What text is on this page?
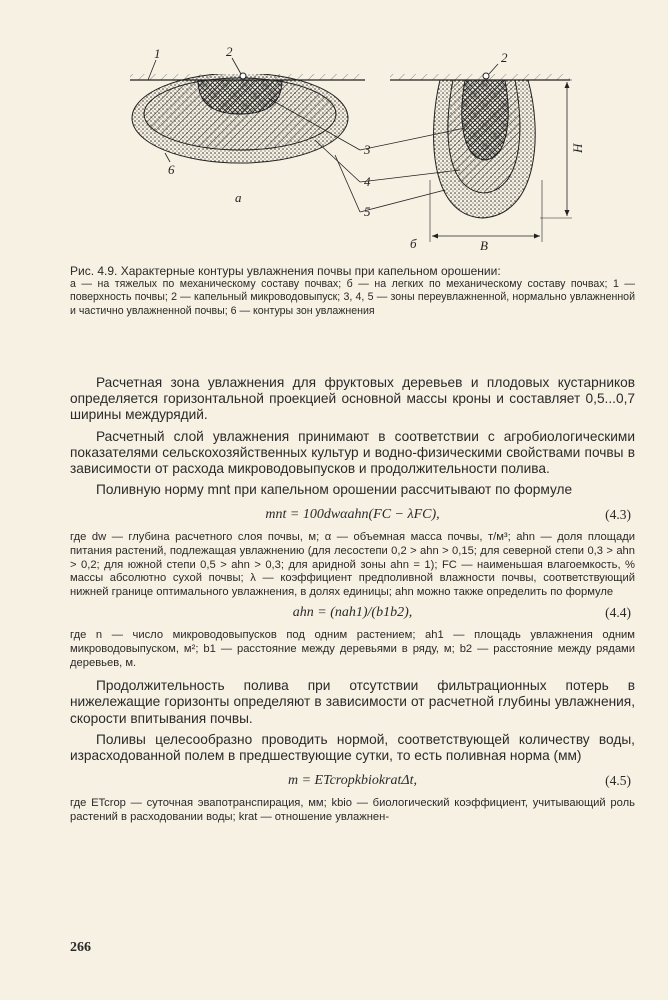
1	2	2
3
4
5
6
а
б
H
B
Рис. 4.9. Характерные контуры увлажнения почвы при капельном орошении:
а — на тяжелых по механическому составу почвах; б — на легких по механическому составу почвах; 1 — поверхность почвы; 2 — капельный микроводовыпуск; 3, 4, 5 — зоны переувлажненной, нормально увлажненной и частично увлажненной почвы; 6 — контуры зон увлажнения

Расчетная зона увлажнения для фруктовых деревьев и плодовых кустарников определяется горизонтальной проекцией основной массы кроны и составляет 0,5...0,7 ширины междурядий.

Расчетный слой увлажнения принимают в соответствии с агробиологическими показателями сельскохозяйственных культур и водно-физическими свойствами почвы в зависимости от расхода микроводовыпусков и продолжительности полива.

Поливную норму mnt при капельном орошении рассчитывают по формуле

mnt = 100dwαahn(FC − λFC),	(4.3)

где dw — глубина расчетного слоя почвы, м; α — объемная масса почвы, т/м³; ahn — доля площади питания растений, подлежащая увлажнению (для лесостепи 0,2 > ahn > 0,15; для северной степи 0,3 > ahn > 0,2; для южной степи 0,5 > ahn > 0,3; для аридной зоны ahn = 1); FC — наименьшая влагоемкость, % массы абсолютно сухой почвы; λ — коэффициент предполивной влажности почвы, соответствующий нижней границе оптимального увлажнения, в долях единицы; ahn можно также определить по формуле

ahn = (nah1)/(b1b2),	(4.4)

где n — число микроводовыпусков под одним растением; ah1 — площадь увлажнения одним микроводовыпуском, м²; b1 — расстояние между деревьями в ряду, м; b2 — расстояние между рядами деревьев, м.

Продолжительность полива при отсутствии фильтрационных потерь в нижележащие горизонты определяют в зависимости от расчетной глубины увлажнения, скорости впитывания почвы.

Поливы целесообразно проводить нормой, соответствующей количеству воды, израсходованной полем в предшествующие сутки, то есть поливная норма (мм)

m = ETcropkbiokratΔt,	(4.5)

где ETcrop — суточная эвапотранспирация, мм; kbio — биологический коэффициент, учитывающий роль растений в расходовании воды; krat — отношение увлажнен-

266
